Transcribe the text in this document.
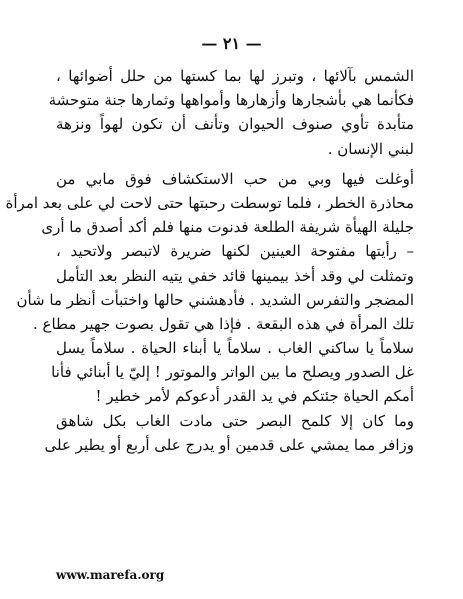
— ٢١ —
الشمس بآلائها ، وتبرز لها بما كستها من حلل أضوائها ،
فكأنما هي بأشجارها وأزهارها وأمواهها وثمارها جنة متوحشة
متأبدة تأوي صنوف الحيوان وتأنف أن تكون لهواً ونزهة
لبني الإنسان .
أوغلت فيها وبي من حب الاستكشاف فوق مابي من
محاذرة الخطر ، فلما توسطت رحبتها حتى لاحت لي على بعد امرأة
جليلة الهيأة شريفة الطلعة فدنوت منها فلم أكد أصدق ما أرى
– رأيتها مفتوحة العينين لكنها ضريرة لاتبصر ولاتحيد ،
وتمثلت لي وقد أخذ بيمينها قائد خفي يتيه النظر بعد التأمل
المضجر والتفرس الشديد . فأدهشني حالها واختبأت أنظر ما شأن
تلك المرأة في هذه البقعة . فإذا هي تقول بصوت جهير مطاع .
سلاماً يا ساكني الغاب . سلاماً يا أبناء الحياة . سلاماً يسل
غل الصدور ويصلح ما بين الواتر والموتور ! إليّ يا أبنائي فأنا
أمكم الحياة جئتكم في يد القدر أدعوكم لأمر خطير !
وما كان إلا كلمح البصر حتى مادت الغاب بكل شاهق
وزافر مما يمشي على قدمين أو يدرج على أربع أو يطير على
www.marefa.org
